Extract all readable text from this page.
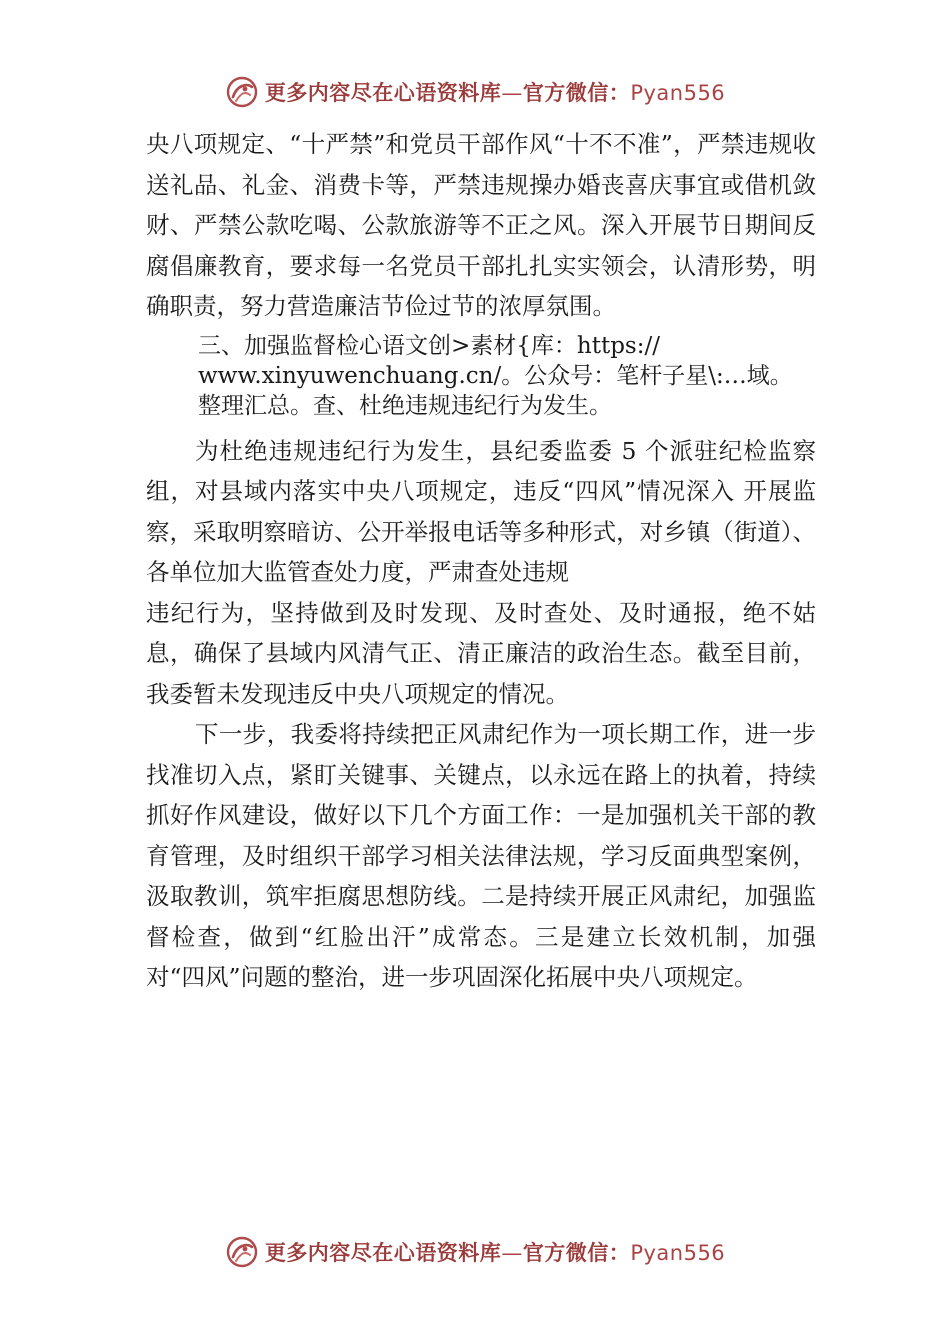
更多内容尽在心语资料库—官方微信：Pyan556

央八项规定、“十严禁”和党员干部作风“十不不准”，严禁违规收送礼品、礼金、消费卡等，严禁违规操办婚丧喜庆事宜或借机敛财、严禁公款吃喝、公款旅游等不正之风。深入开展节日期间反腐倡廉教育，要求每一名党员干部扎扎实实领会，认清形势，明确职责，努力营造廉洁节俭过节的浓厚氛围。

三、加强监督检心语文创>素材{库：https://
www.xinyuwenchuang.cn/。公众号：笔杆子星\:…域。
整理汇总。查、杜绝违规违纪行为发生。

为杜绝违规违纪行为发生，县纪委监委 5 个派驻纪检监察组，对县域内落实中央八项规定，违反“四风”情况深入 开展监察，采取明察暗访、公开举报电话等多种形式，对乡镇（街道）、各单位加大监管查处力度，严肃查处违规

违纪行为，坚持做到及时发现、及时查处、及时通报，绝不姑息，确保了县域内风清气正、清正廉洁的政治生态。截至目前，我委暂未发现违反中央八项规定的情况。

下一步，我委将持续把正风肃纪作为一项长期工作，进一步找准切入点，紧盯关键事、关键点，以永远在路上的执着，持续抓好作风建设，做好以下几个方面工作：一是加强机关干部的教育管理，及时组织干部学习相关法律法规，学习反面典型案例，汲取教训，筑牢拒腐思想防线。二是持续开展正风肃纪，加强监督检查，做到“红脸出汗”成常态。三是建立长效机制，加强对“四风”问题的整治，进一步巩固深化拓展中央八项规定。

更多内容尽在心语资料库—官方微信：Pyan556
